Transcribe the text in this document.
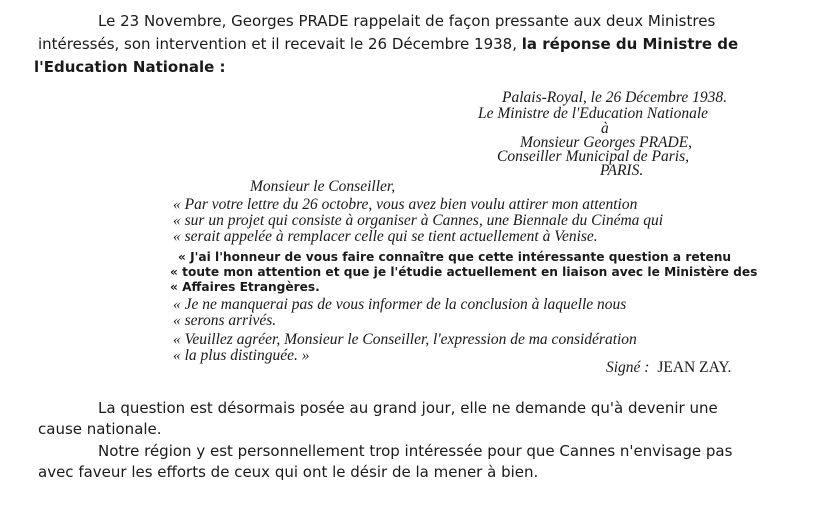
Le 23 Novembre, Georges PRADE rappelait de façon pressante aux deux Ministres
intéressés, son intervention et il recevait le 26 Décembre 1938, la réponse du Ministre de
l'Education Nationale :
Palais-Royal, le 26 Décembre 1938.
Le Ministre de l'Education Nationale
à
Monsieur Georges PRADE,
Conseiller Municipal de Paris,
PARIS.
Monsieur le Conseiller,
« Par votre lettre du 26 octobre, vous avez bien voulu attirer mon attention
« sur un projet qui consiste à organiser à Cannes, une Biennale du Cinéma qui
« serait appelée à remplacer celle qui se tient actuellement à Venise.
« J'ai l'honneur de vous faire connaître que cette intéressante question a retenu
« toute mon attention et que je l'étudie actuellement en liaison avec le Ministère des
« Affaires Etrangères.
« Je ne manquerai pas de vous informer de la conclusion à laquelle nous
« serons arrivés.
« Veuillez agréer, Monsieur le Conseiller, l'expression de ma considération
« la plus distinguée. »
Signé : JEAN ZAY.
La question est désormais posée au grand jour, elle ne demande qu'à devenir une
cause nationale.
Notre région y est personnellement trop intéressée pour que Cannes n'envisage pas
avec faveur les efforts de ceux qui ont le désir de la mener à bien.
